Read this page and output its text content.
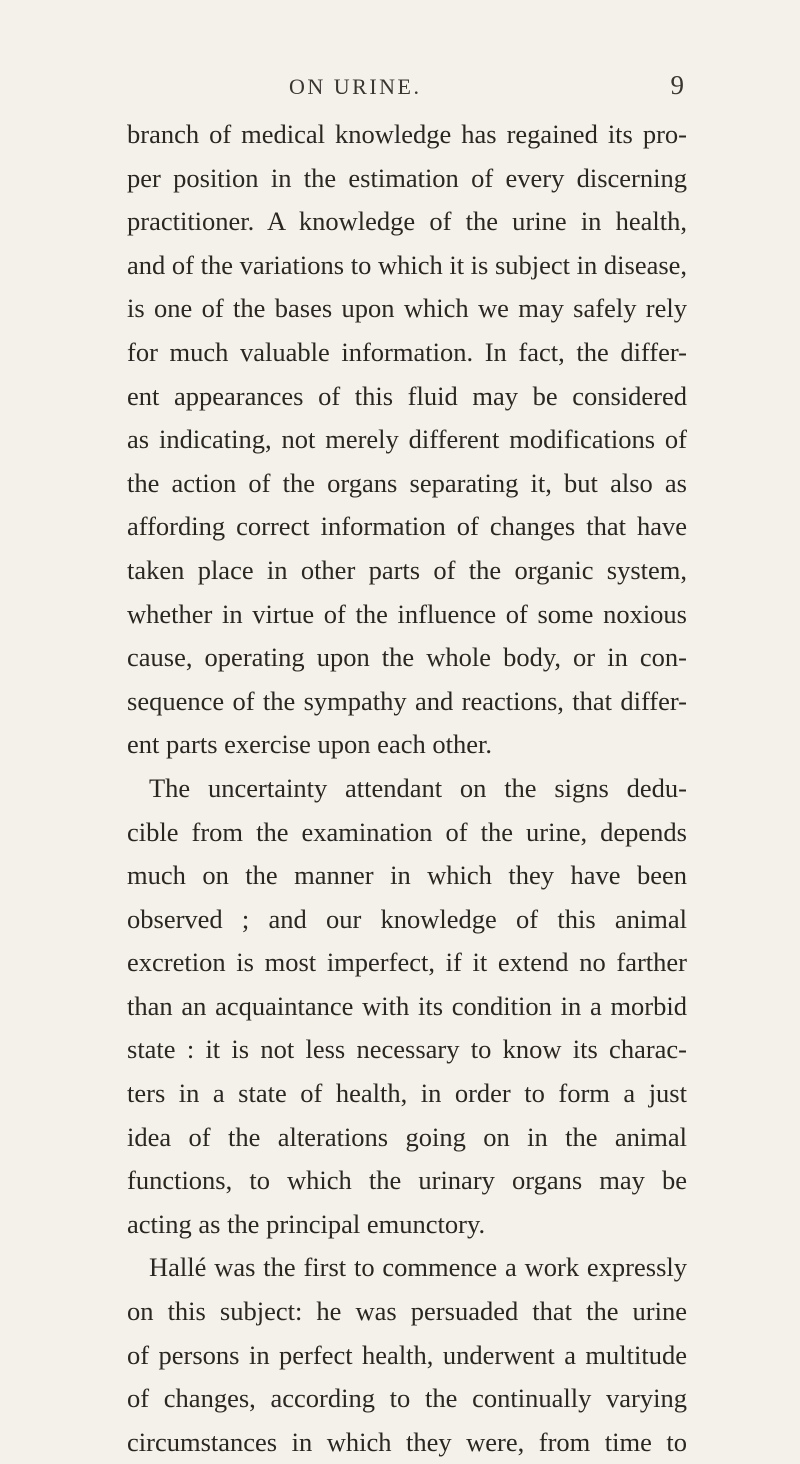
ON URINE.	9
branch of medical knowledge has regained its pro-
per position in the estimation of every discerning
practitioner. A knowledge of the urine in health,
and of the variations to which it is subject in disease,
is one of the bases upon which we may safely rely
for much valuable information. In fact, the differ-
ent appearances of this fluid may be considered
as indicating, not merely different modifications of
the action of the organs separating it, but also as
affording correct information of changes that have
taken place in other parts of the organic system,
whether in virtue of the influence of some noxious
cause, operating upon the whole body, or in con-
sequence of the sympathy and reactions, that differ-
ent parts exercise upon each other.
The uncertainty attendant on the signs dedu-
cible from the examination of the urine, depends
much on the manner in which they have been
observed ; and our knowledge of this animal
excretion is most imperfect, if it extend no farther
than an acquaintance with its condition in a morbid
state : it is not less necessary to know its charac-
ters in a state of health, in order to form a just
idea of the alterations going on in the animal
functions, to which the urinary organs may be
acting as the principal emunctory.
Hallé was the first to commence a work expressly
on this subject: he was persuaded that the urine
of persons in perfect health, underwent a multitude
of changes, according to the continually varying
circumstances in which they were, from time to
